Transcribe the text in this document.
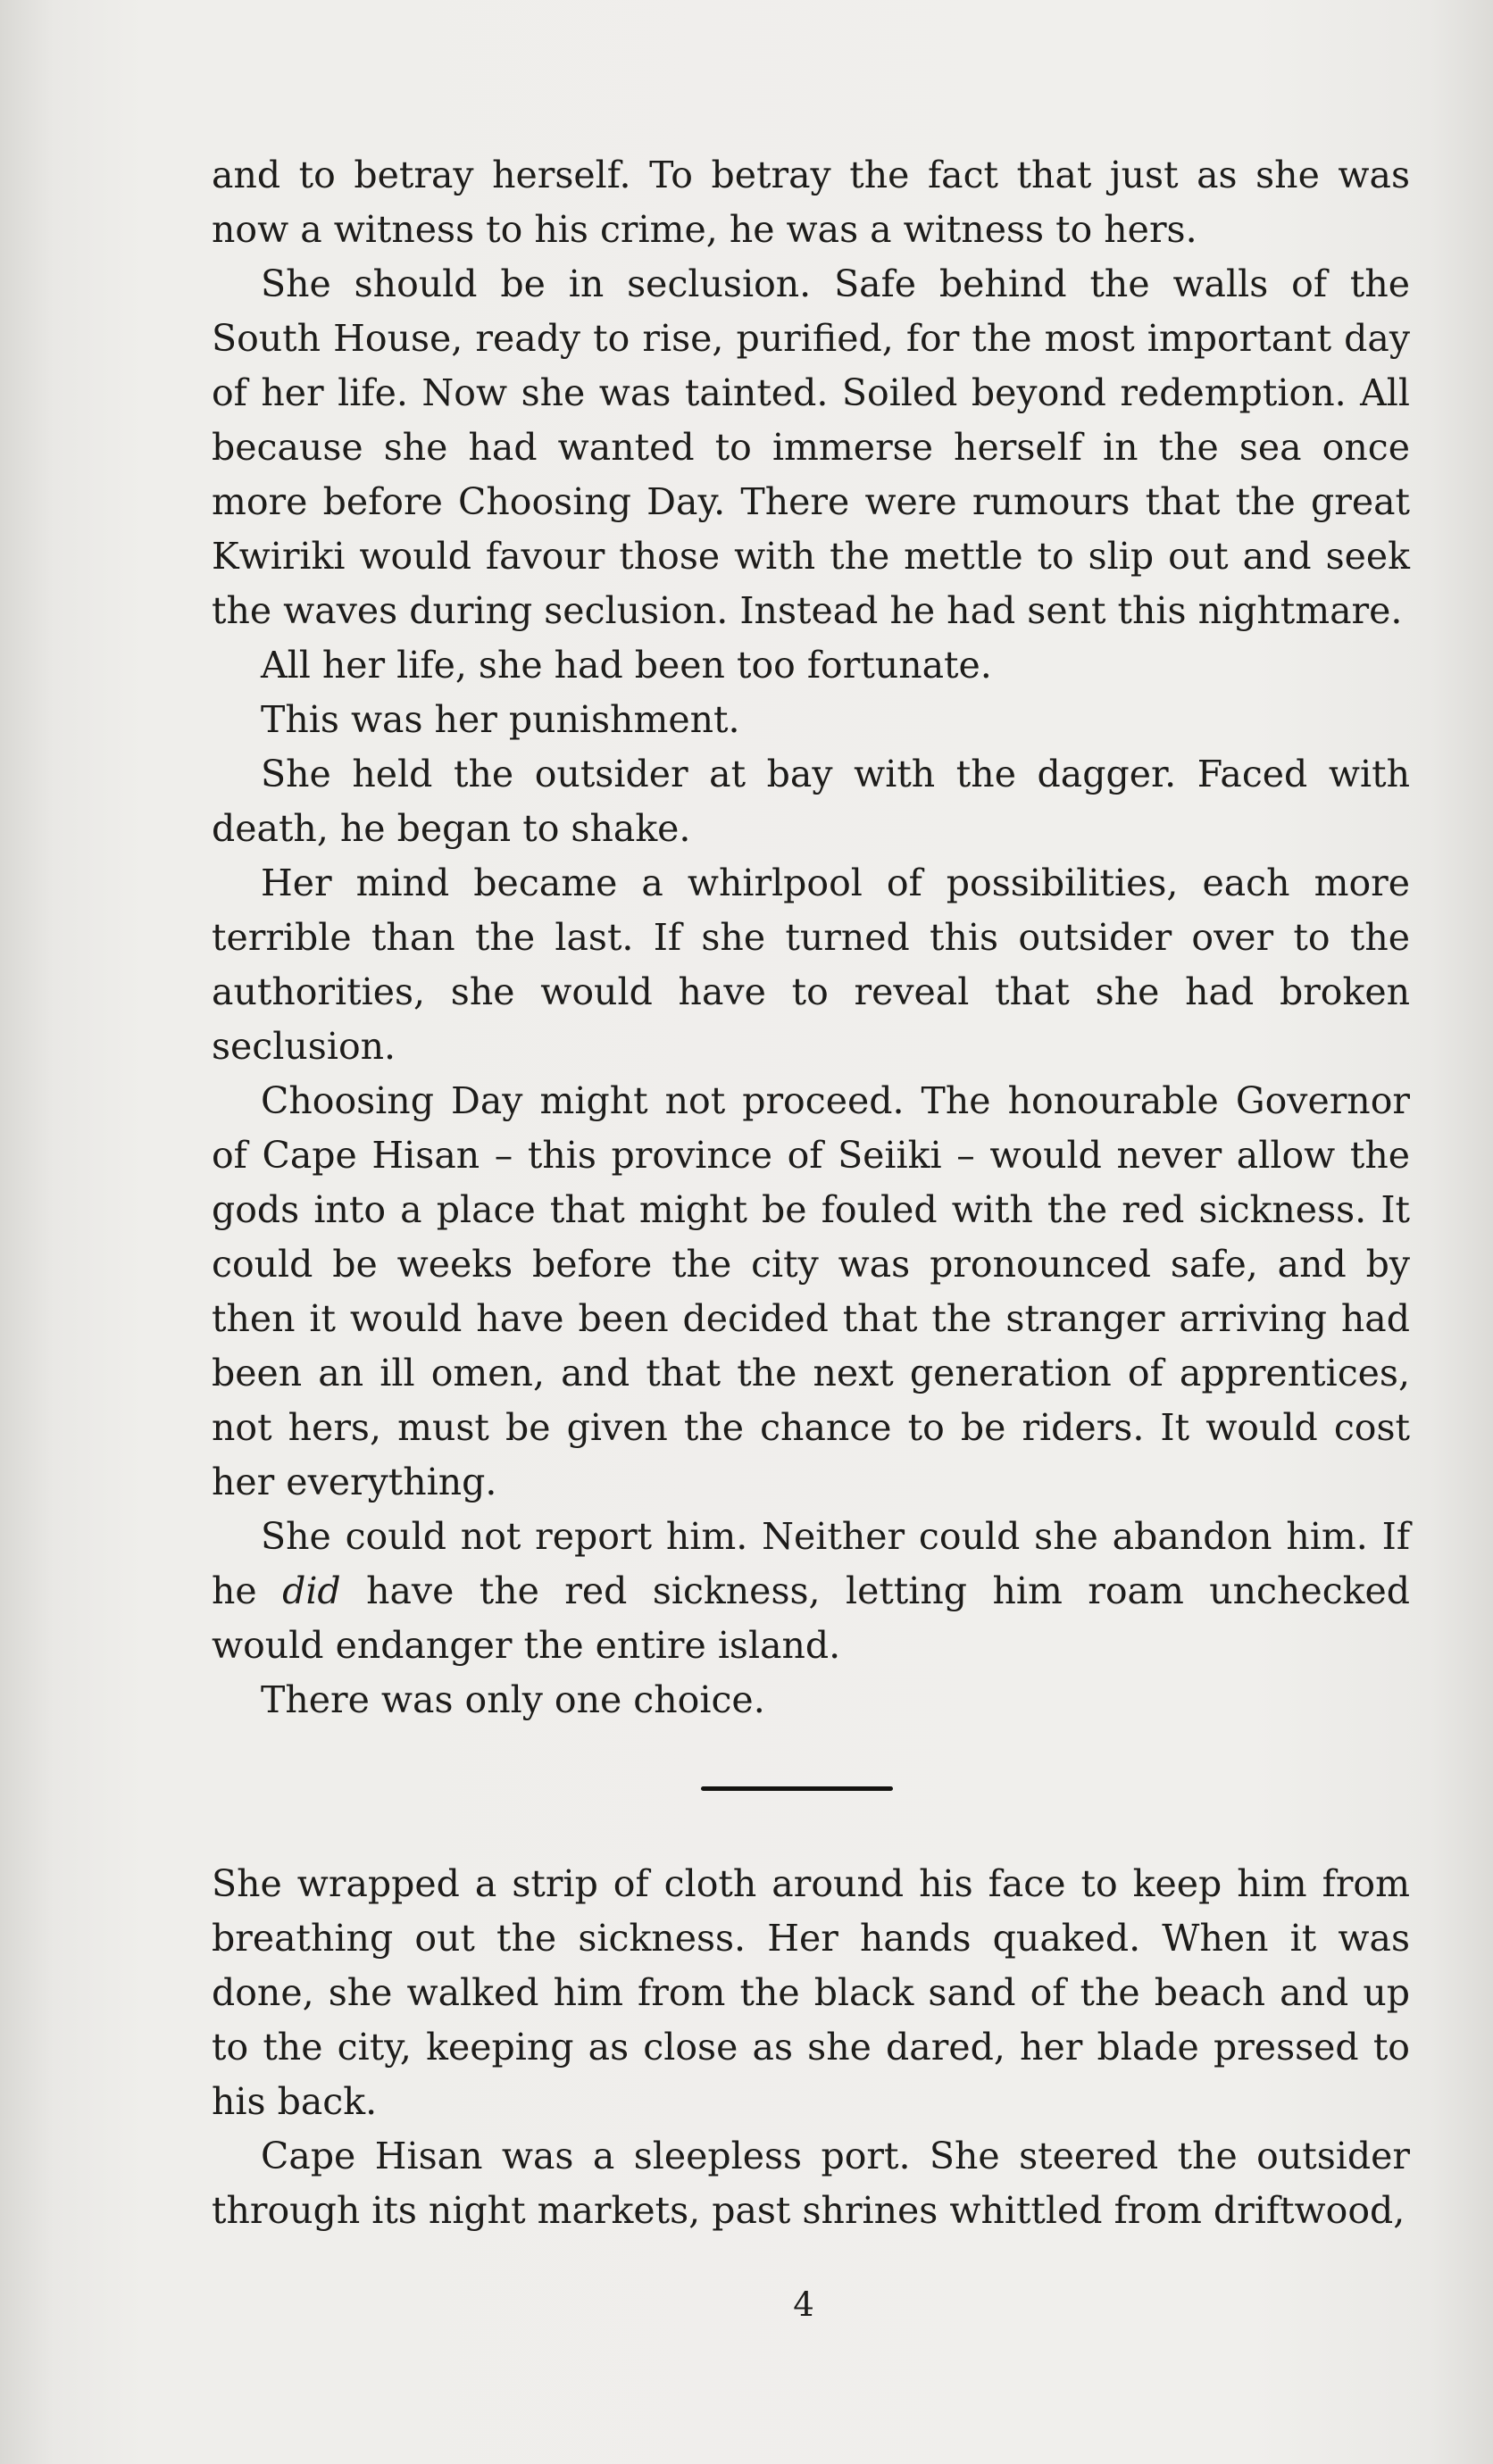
and to betray herself. To betray the fact that just as she was now a witness to his crime, he was a witness to hers.

She should be in seclusion. Safe behind the walls of the South House, ready to rise, purified, for the most important day of her life. Now she was tainted. Soiled beyond redemption. All because she had wanted to immerse herself in the sea once more before Choosing Day. There were rumours that the great Kwiriki would favour those with the mettle to slip out and seek the waves during seclusion. Instead he had sent this nightmare.

All her life, she had been too fortunate.

This was her punishment.

She held the outsider at bay with the dagger. Faced with death, he began to shake.

Her mind became a whirlpool of possibilities, each more terrible than the last. If she turned this outsider over to the authorities, she would have to reveal that she had broken seclusion.

Choosing Day might not proceed. The honourable Governor of Cape Hisan – this province of Seiiki – would never allow the gods into a place that might be fouled with the red sickness. It could be weeks before the city was pronounced safe, and by then it would have been decided that the stranger arriving had been an ill omen, and that the next generation of apprentices, not hers, must be given the chance to be riders. It would cost her everything.

She could not report him. Neither could she abandon him. If he did have the red sickness, letting him roam unchecked would endanger the entire island.

There was only one choice.

She wrapped a strip of cloth around his face to keep him from breathing out the sickness. Her hands quaked. When it was done, she walked him from the black sand of the beach and up to the city, keeping as close as she dared, her blade pressed to his back.

Cape Hisan was a sleepless port. She steered the outsider through its night markets, past shrines whittled from driftwood,

4
